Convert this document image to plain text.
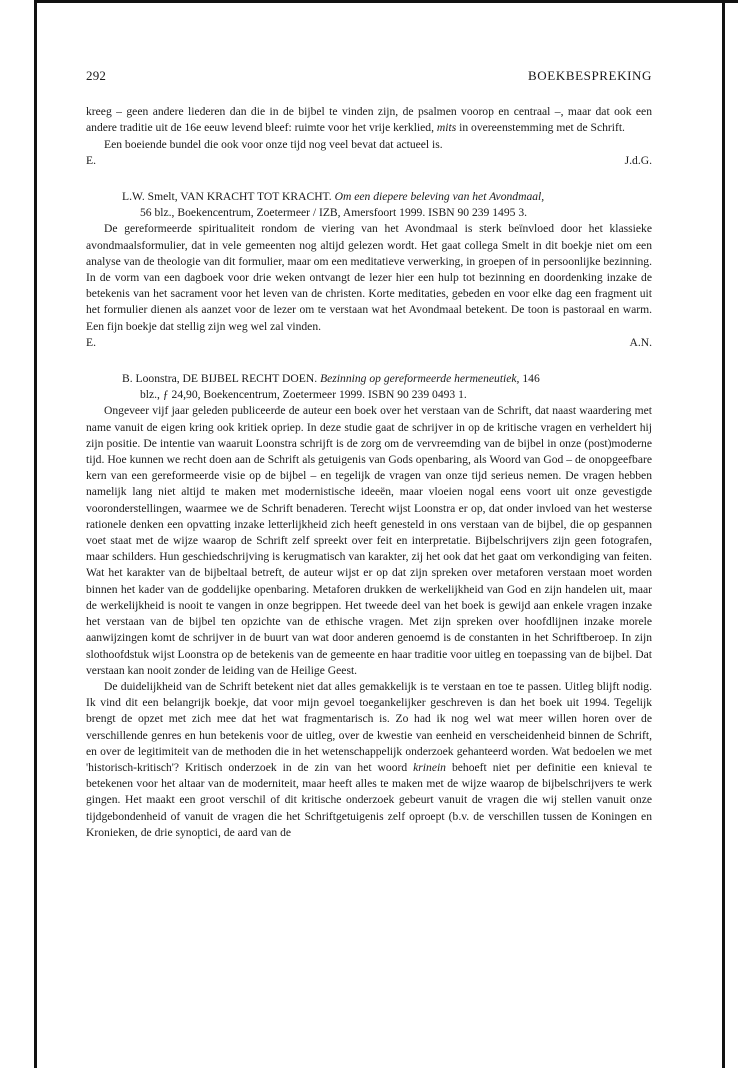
292	BOEKBESPREKING

kreeg – geen andere liederen dan die in de bijbel te vinden zijn, de psalmen voorop en centraal –, maar dat ook een andere traditie uit de 16e eeuw levend bleef: ruimte voor het vrije kerklied, mits in overeenstemming met de Schrift.

Een boeiende bundel die ook voor onze tijd nog veel bevat dat actueel is.

E.	J.d.G.

L.W. Smelt, VAN KRACHT TOT KRACHT. Om een diepere beleving van het Avondmaal,
56 blz., Boekencentrum, Zoetermeer / IZB, Amersfoort 1999. ISBN 90 239 1495 3.

De gereformeerde spiritualiteit rondom de viering van het Avondmaal is sterk beïnvloed door het klassieke avondmaalsformulier, dat in vele gemeenten nog altijd gelezen wordt. Het gaat collega Smelt in dit boekje niet om een analyse van de theologie van dit formulier, maar om een meditatieve verwerking, in groepen of in persoonlijke bezinning. In de vorm van een dagboek voor drie weken ontvangt de lezer hier een hulp tot bezinning en doordenking inzake de betekenis van het sacrament voor het leven van de christen. Korte meditaties, gebeden en voor elke dag een fragment uit het formulier dienen als aanzet voor de lezer om te verstaan wat het Avondmaal betekent. De toon is pastoraal en warm. Een fijn boekje dat stellig zijn weg wel zal vinden.

E.	A.N.

B. Loonstra, DE BIJBEL RECHT DOEN. Bezinning op gereformeerde hermeneutiek, 146
blz., ƒ 24,90, Boekencentrum, Zoetermeer 1999. ISBN 90 239 0493 1.

Ongeveer vijf jaar geleden publiceerde de auteur een boek over het verstaan van de Schrift, dat naast waardering met name vanuit de eigen kring ook kritiek opriep. In deze studie gaat de schrijver in op de kritische vragen en verheldert hij zijn positie. De intentie van waaruit Loonstra schrijft is de zorg om de vervreemding van de bijbel in onze (post)moderne tijd. Hoe kunnen we recht doen aan de Schrift als getuigenis van Gods openbaring, als Woord van God – de onopgeefbare kern van een gereformeerde visie op de bijbel – en tegelijk de vragen van onze tijd serieus nemen. De vragen hebben namelijk lang niet altijd te maken met modernistische ideeën, maar vloeien nogal eens voort uit onze gevestigde vooronderstellingen, waarmee we de Schrift benaderen. Terecht wijst Loonstra er op, dat onder invloed van het westerse rationele denken een opvatting inzake letterlijkheid zich heeft genesteld in ons verstaan van de bijbel, die op gespannen voet staat met de wijze waarop de Schrift zelf spreekt over feit en interpretatie. Bijbelschrijvers zijn geen fotografen, maar schilders. Hun geschiedschrijving is kerugmatisch van karakter, zij het ook dat het gaat om verkondiging van feiten. Wat het karakter van de bijbeltaal betreft, de auteur wijst er op dat zijn spreken over metaforen verstaan moet worden binnen het kader van de goddelijke openbaring. Metaforen drukken de werkelijkheid van God en zijn handelen uit, maar de werkelijkheid is nooit te vangen in onze begrippen. Het tweede deel van het boek is gewijd aan enkele vragen inzake het verstaan van de bijbel ten opzichte van de ethische vragen. Met zijn spreken over hoofdlijnen inzake morele aanwijzingen komt de schrijver in de buurt van wat door anderen genoemd is de constanten in het Schriftberoep. In zijn slothoofdstuk wijst Loonstra op de betekenis van de gemeente en haar traditie voor uitleg en toepassing van de bijbel. Dat verstaan kan nooit zonder de leiding van de Heilige Geest.

De duidelijkheid van de Schrift betekent niet dat alles gemakkelijk is te verstaan en toe te passen. Uitleg blijft nodig. Ik vind dit een belangrijk boekje, dat voor mijn gevoel toegankelijker geschreven is dan het boek uit 1994. Tegelijk brengt de opzet met zich mee dat het wat fragmentarisch is. Zo had ik nog wel wat meer willen horen over de verschillende genres en hun betekenis voor de uitleg, over de kwestie van eenheid en verscheidenheid binnen de Schrift, en over de legitimiteit van de methoden die in het wetenschappelijk onderzoek gehanteerd worden. Wat bedoelen we met 'historisch-kritisch'? Kritisch onderzoek in de zin van het woord krinein behoeft niet per definitie een knieval te betekenen voor het altaar van de moderniteit, maar heeft alles te maken met de wijze waarop de bijbelschrijvers te werk gingen. Het maakt een groot verschil of dit kritische onderzoek gebeurt vanuit de vragen die wij stellen vanuit onze tijdgebondenheid of vanuit de vragen die het Schriftgetuigenis zelf oproept (b.v. de verschillen tussen de Koningen en Kronieken, de drie synoptici, de aard van de
